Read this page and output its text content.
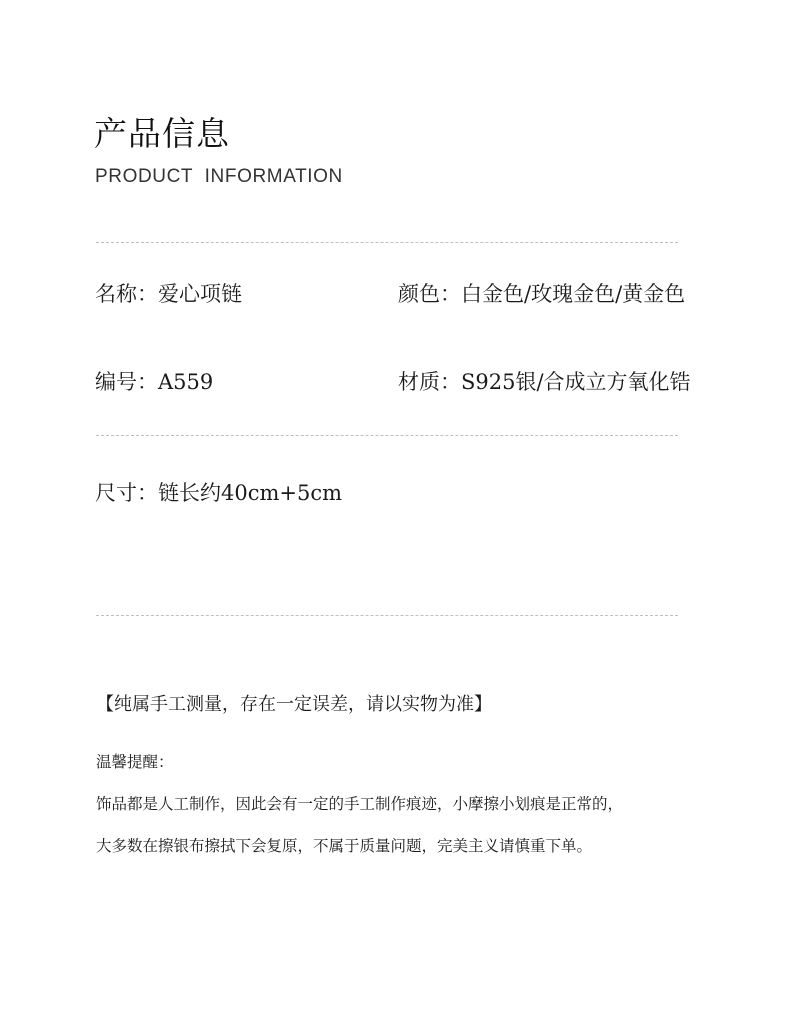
产品信息
PRODUCT INFORMATION
名称：爱心项链	颜色：白金色/玫瑰金色/黄金色
编号：A559	材质：S925银/合成立方氧化锆
尺寸：链长约40cm+5cm
【纯属手工测量，存在一定误差，请以实物为准】
温馨提醒：
饰品都是人工制作，因此会有一定的手工制作痕迹，小摩擦小划痕是正常的，
大多数在擦银布擦拭下会复原，不属于质量问题，完美主义请慎重下单。
